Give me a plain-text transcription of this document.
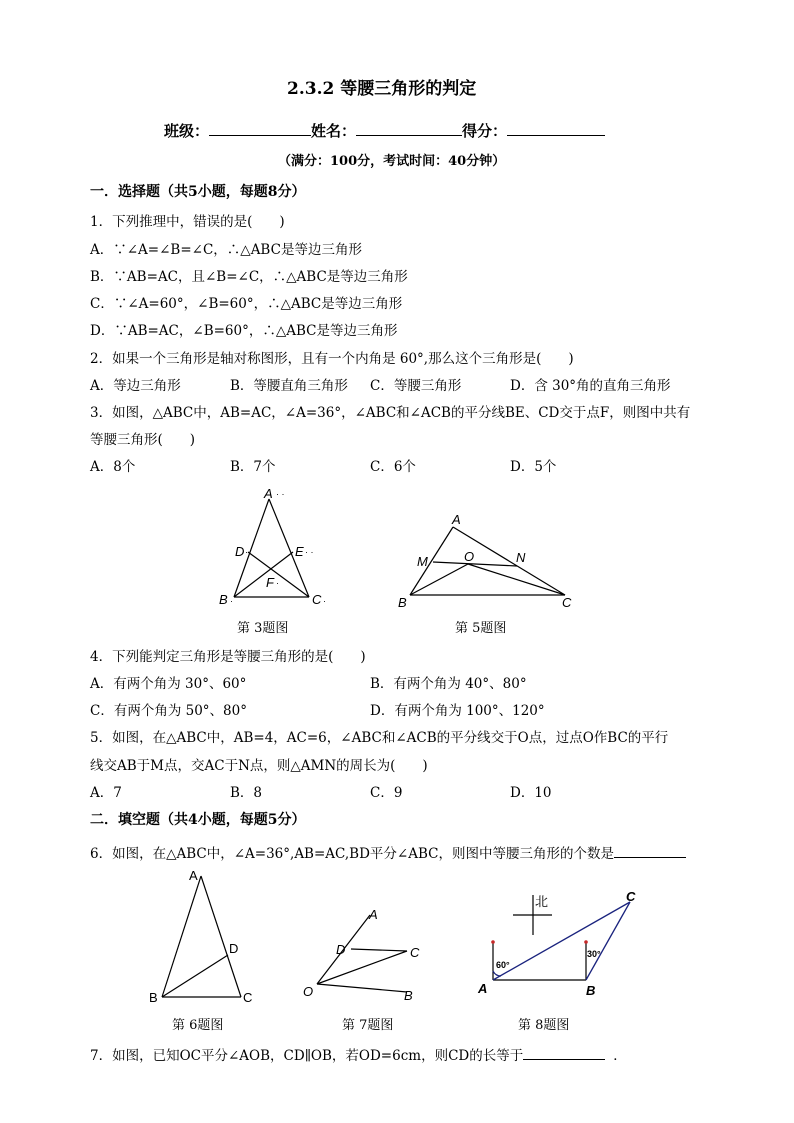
2.3.2 等腰三角形的判定
班级：	姓名：	得分：
（满分：100分，考试时间：40分钟）
一．选择题（共5小题，每题8分）
1．下列推理中，错误的是(　　)
A．∵∠A=∠B=∠C，∴△ABC是等边三角形
B．∵AB=AC，且∠B=∠C，∴△ABC是等边三角形
C．∵∠A=60°，∠B=60°，∴△ABC是等边三角形
D．∵AB=AC，∠B=60°，∴△ABC是等边三角形
2．如果一个三角形是轴对称图形，且有一个内角是 60°,那么这个三角形是(　　)
A．等边三角形	B．等腰直角三角形 C．等腰三角形	D．含 30°角的直角三角形
3．如图，△ABC中，AB=AC，∠A=36°，∠ABC和∠ACB的平分线BE、CD交于点F，则图中共有
等腰三角形(　　)
A．8个	B．7个	C．6个	D．5个
A · ·
D ·	E · ·
F ·
B ·	C ·
第 3题图
A
M	O	N
B	C
第 5题图
4．下列能判定三角形是等腰三角形的是(　　)
A．有两个角为 30°、60°	B．有两个角为 40°、80°
C．有两个角为 50°、80°	D．有两个角为 100°、120°
5．如图，在△ABC中，AB=4，AC=6，∠ABC和∠ACB的平分线交于O点，过点O作BC的平行
线交AB于M点，交AC于N点，则△AMN的周长为(　　)
A．7	B．8	C．9	D．10
二．填空题（共4小题，每题5分）
6．如图，在△ABC中，∠A=36°,AB=AC,BD平分∠ABC，则图中等腰三角形的个数是
A
D
B	C
第 6题图
A
D	C
O	B
第 7题图
北
60°
30°
A	B
C
第 8题图
7．如图，已知OC平分∠AOB，CD∥OB，若OD=6cm，则CD的长等于	．
